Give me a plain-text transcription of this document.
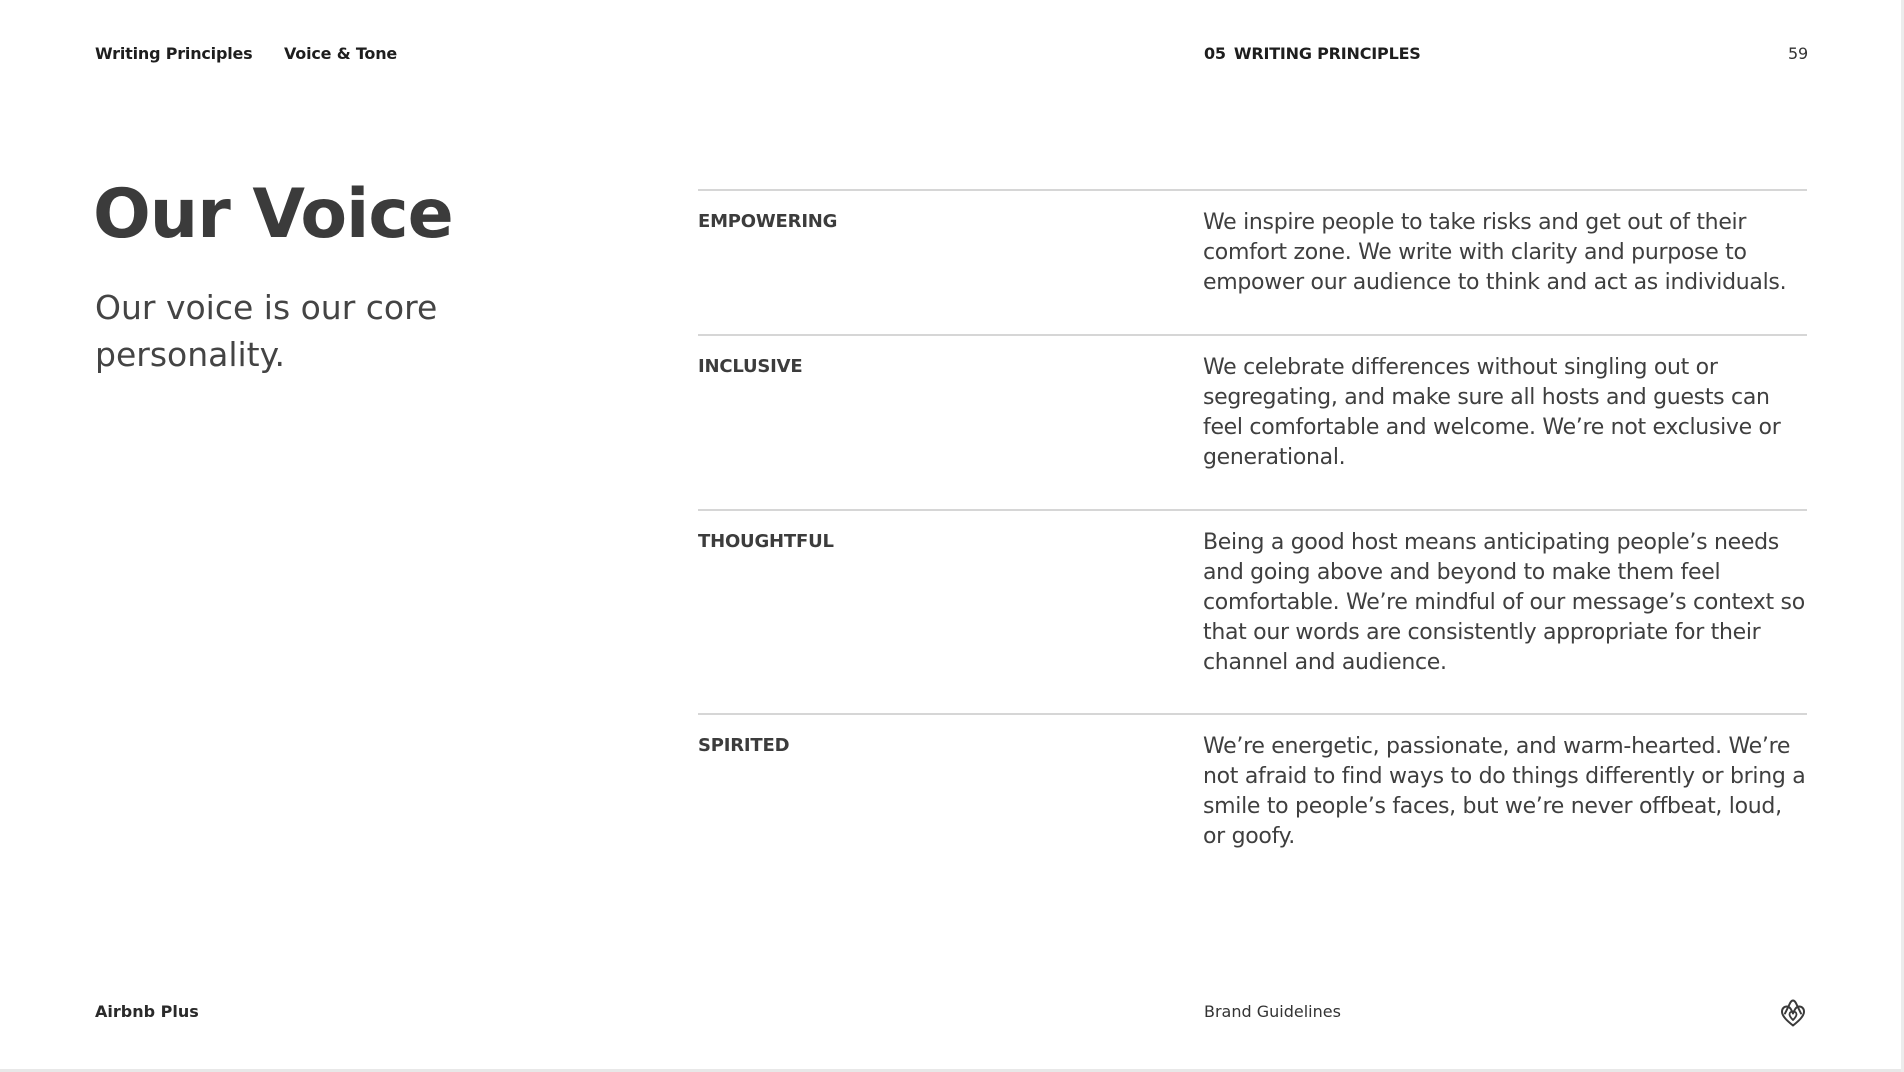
Writing Principles Voice & Tone	05 WRITING PRINCIPLES	59
Our Voice

Our voice is our core personality.

EMPOWERING	We inspire people to take risks and get out of their comfort zone. We write with clarity and purpose to empower our audience to think and act as individuals.

INCLUSIVE	We celebrate differences without singling out or segregating, and make sure all hosts and guests can feel comfortable and welcome. We’re not exclusive or generational.

THOUGHTFUL	Being a good host means anticipating people’s needs and going above and beyond to make them feel comfortable. We’re mindful of our message’s context so that our words are consistently appropriate for their channel and audience.

SPIRITED	We’re energetic, passionate, and warm-hearted. We’re not afraid to find ways to do things differently or bring a smile to people’s faces, but we’re never offbeat, loud, or goofy.

Airbnb Plus	Brand Guidelines
